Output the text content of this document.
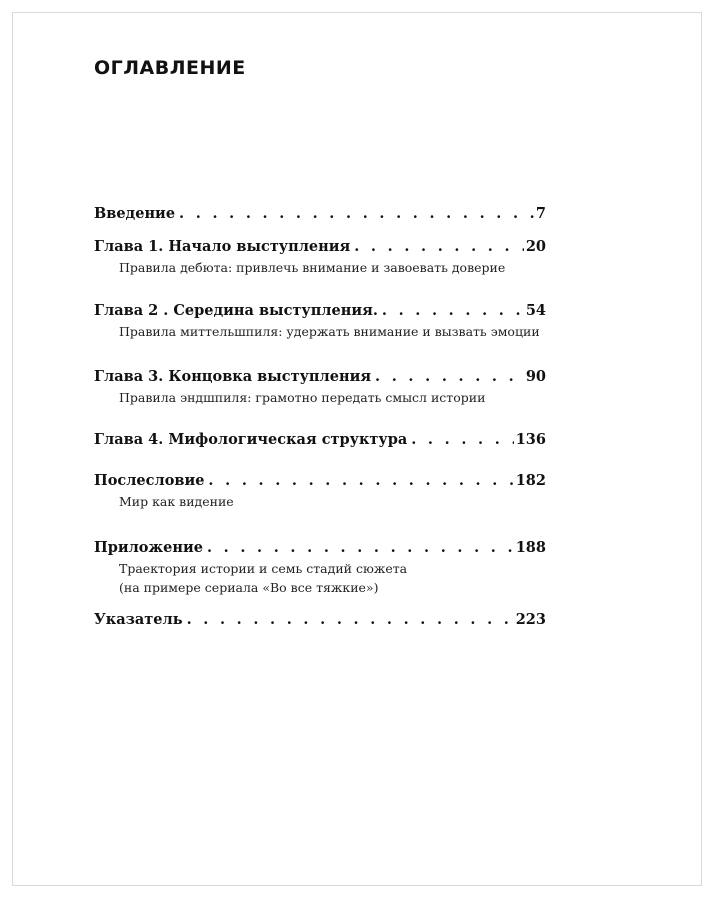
ОГЛАВЛЕНИЕ
Введение . . .	7
Глава 1. Начало выступления . . .	20
Правила дебюта: привлечь внимание и завоевать доверие
Глава 2 . Середина выступления. . . .	54
Правила миттельшпиля: удержать внимание и вызвать эмоции
Глава 3. Концовка выступления . . .	90
Правила эндшпиля: грамотно передать смысл истории
Глава 4. Мифологическая структура . . .	136
Послесловие . . .	182
Мир как видение
Приложение . . .	188
Траектория истории и семь стадий сюжета
(на примере сериала «Во все тяжкие»)
Указатель . . .	223
